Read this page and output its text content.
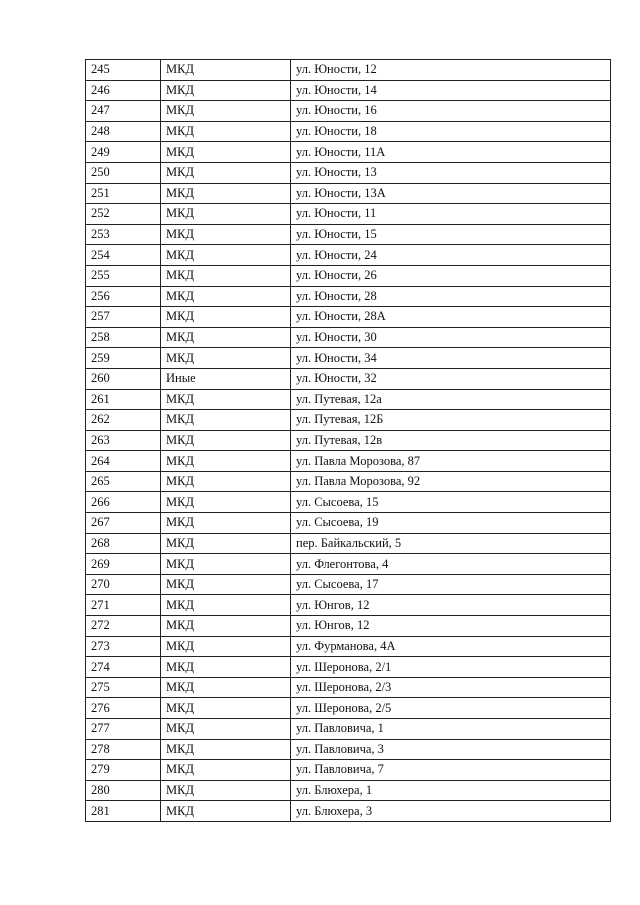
245	МКД	ул. Юности, 12
246	МКД	ул. Юности, 14
247	МКД	ул. Юности, 16
248	МКД	ул. Юности, 18
249	МКД	ул. Юности, 11А
250	МКД	ул. Юности, 13
251	МКД	ул. Юности, 13А
252	МКД	ул. Юности, 11
253	МКД	ул. Юности, 15
254	МКД	ул. Юности, 24
255	МКД	ул. Юности, 26
256	МКД	ул. Юности, 28
257	МКД	ул. Юности, 28А
258	МКД	ул. Юности, 30
259	МКД	ул. Юности, 34
260	Иные	ул. Юности, 32
261	МКД	ул. Путевая, 12а
262	МКД	ул. Путевая, 12Б
263	МКД	ул. Путевая, 12в
264	МКД	ул. Павла Морозова, 87
265	МКД	ул. Павла Морозова, 92
266	МКД	ул. Сысоева, 15
267	МКД	ул. Сысоева, 19
268	МКД	пер. Байкальский, 5
269	МКД	ул. Флегонтова, 4
270	МКД	ул. Сысоева, 17
271	МКД	ул. Юнгов, 12
272	МКД	ул. Юнгов, 12
273	МКД	ул. Фурманова, 4А
274	МКД	ул. Шеронова, 2/1
275	МКД	ул. Шеронова, 2/3
276	МКД	ул. Шеронова, 2/5
277	МКД	ул. Павловича, 1
278	МКД	ул. Павловича, 3
279	МКД	ул. Павловича, 7
280	МКД	ул. Блюхера, 1
281	МКД	ул. Блюхера, 3
